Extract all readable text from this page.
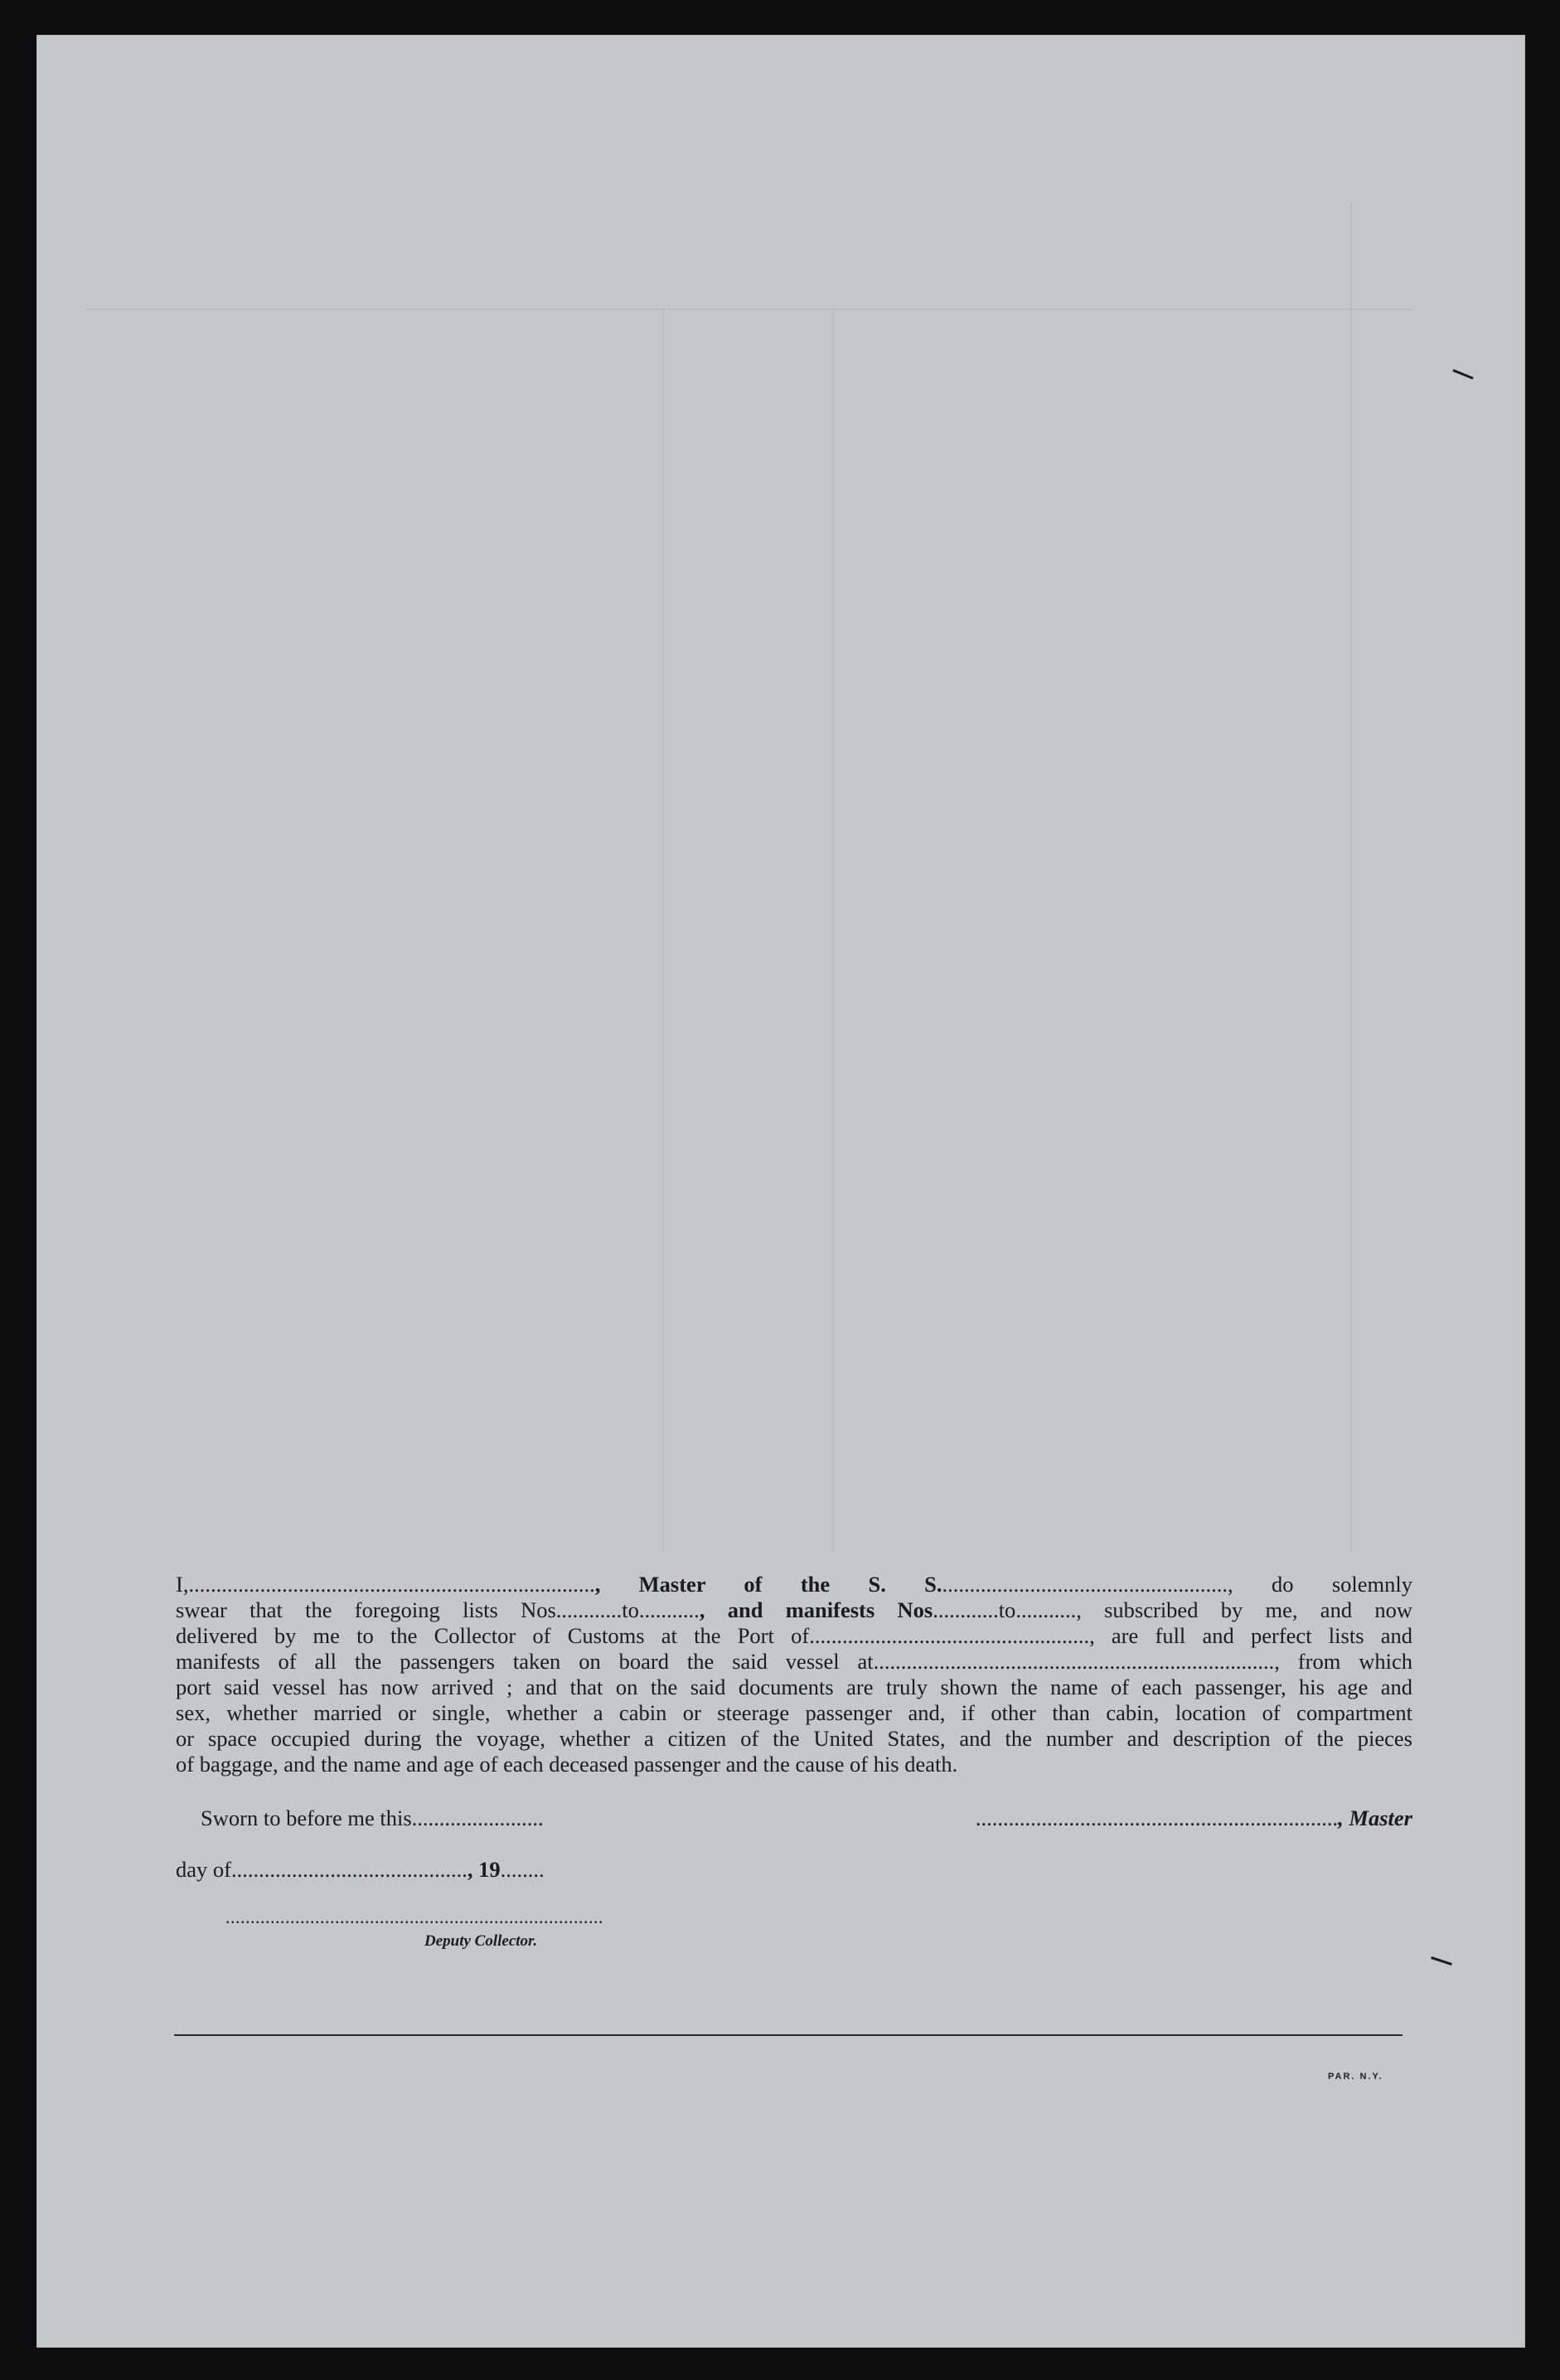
I,.........................................................................., Master of the S. S....................................................., do solemnly
swear that the foregoing lists Nos............to..........., and manifests Nos............to..........., subscribed by me, and now
delivered by me to the Collector of Customs at the Port of..................................................., are full and perfect lists and
manifests of all the passengers taken on board the said vessel at........................................................................., from which
port said vessel has now arrived ; and that on the said documents are truly shown the name of each passenger, his age and
sex, whether married or single, whether a cabin or steerage passenger and, if other than cabin, location of compartment
or space occupied during the voyage, whether a citizen of the United States, and the number and description of the pieces
of baggage, and the name and age of each deceased passenger and the cause of his death.
Sworn to before me this........................	.................................................................., Master
day of..........................................., 19........
............................................................................
Deputy Collector.
PAR. N.Y.
